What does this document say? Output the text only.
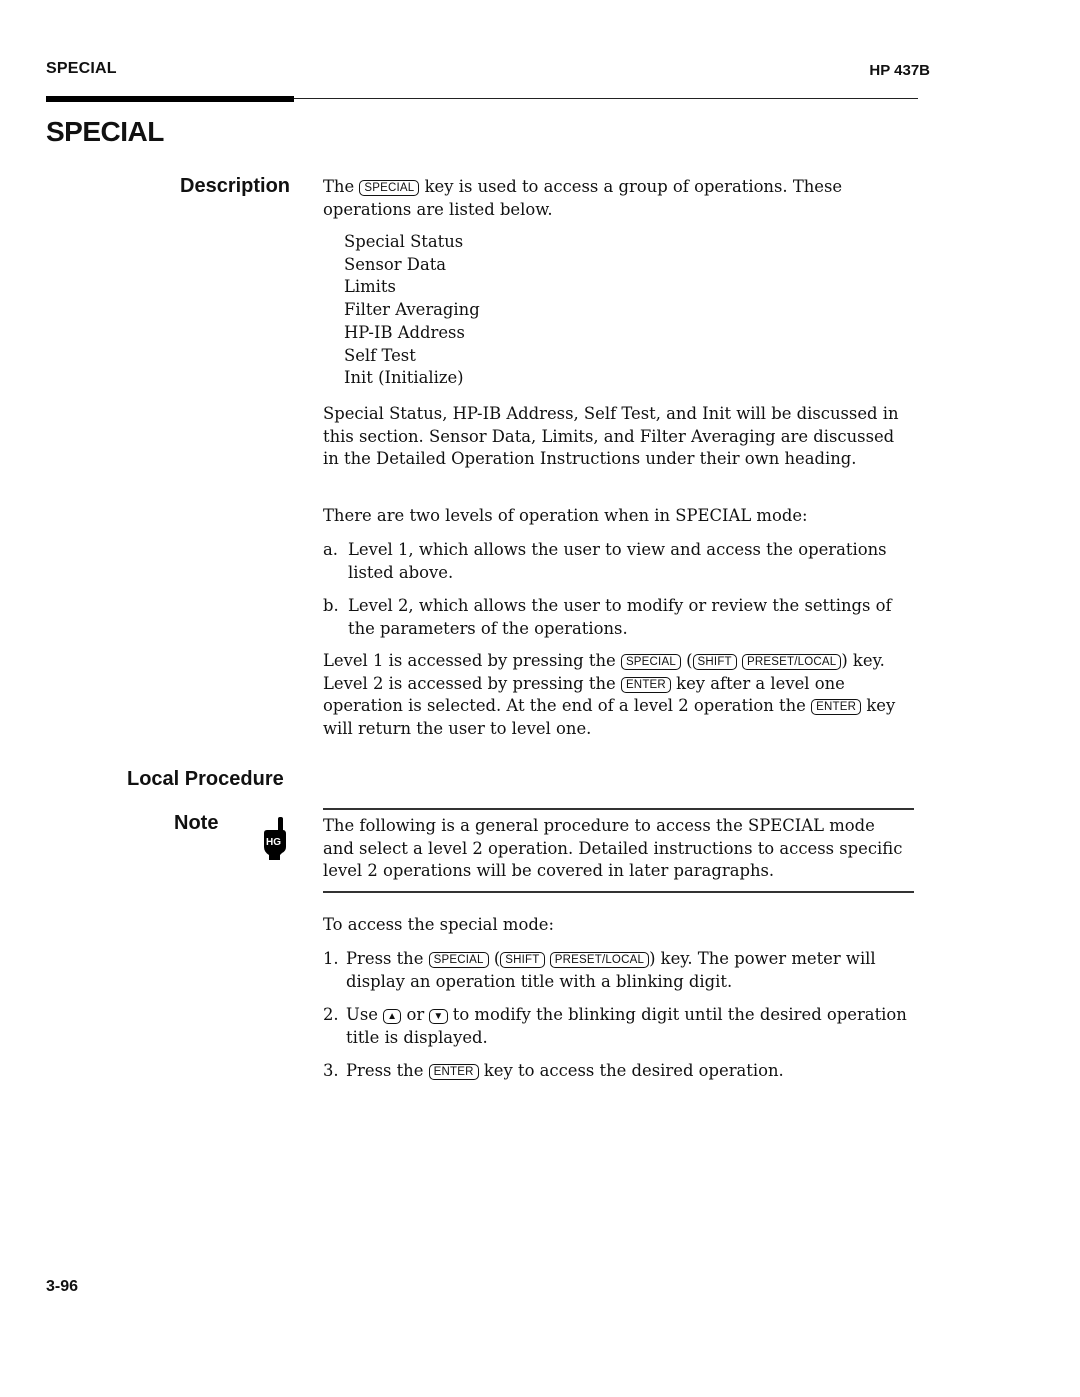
SPECIAL	HP 437B
SPECIAL
Description The SPECIAL key is used to access a group of operations. These operations are listed below.

Special Status
Sensor Data
Limits
Filter Averaging
HP-IB Address
Self Test
Init (Initialize)

Special Status, HP-IB Address, Self Test, and Init will be discussed in this section. Sensor Data, Limits, and Filter Averaging are discussed in the Detailed Operation Instructions under their own heading.

There are two levels of operation when in SPECIAL mode:

a. Level 1, which allows the user to view and access the operations listed above.
b. Level 2, which allows the user to modify or review the settings of the parameters of the operations.

Level 1 is accessed by pressing the SPECIAL ( SHIFT PRESET/LOCAL ) key. Level 2 is accessed by pressing the ENTER key after a level one operation is selected. At the end of a level 2 operation the ENTER key will return the user to level one.

Local Procedure
Note
HG

The following is a general procedure to access the SPECIAL mode and select a level 2 operation. Detailed instructions to access specific level 2 operations will be covered in later paragraphs.

To access the special mode:

1. Press the SPECIAL ( SHIFT PRESET/LOCAL ) key. The power meter will display an operation title with a blinking digit.
2. Use ▲ or ▼ to modify the blinking digit until the desired operation title is displayed.
3. Press the ENTER key to access the desired operation.
3-96
